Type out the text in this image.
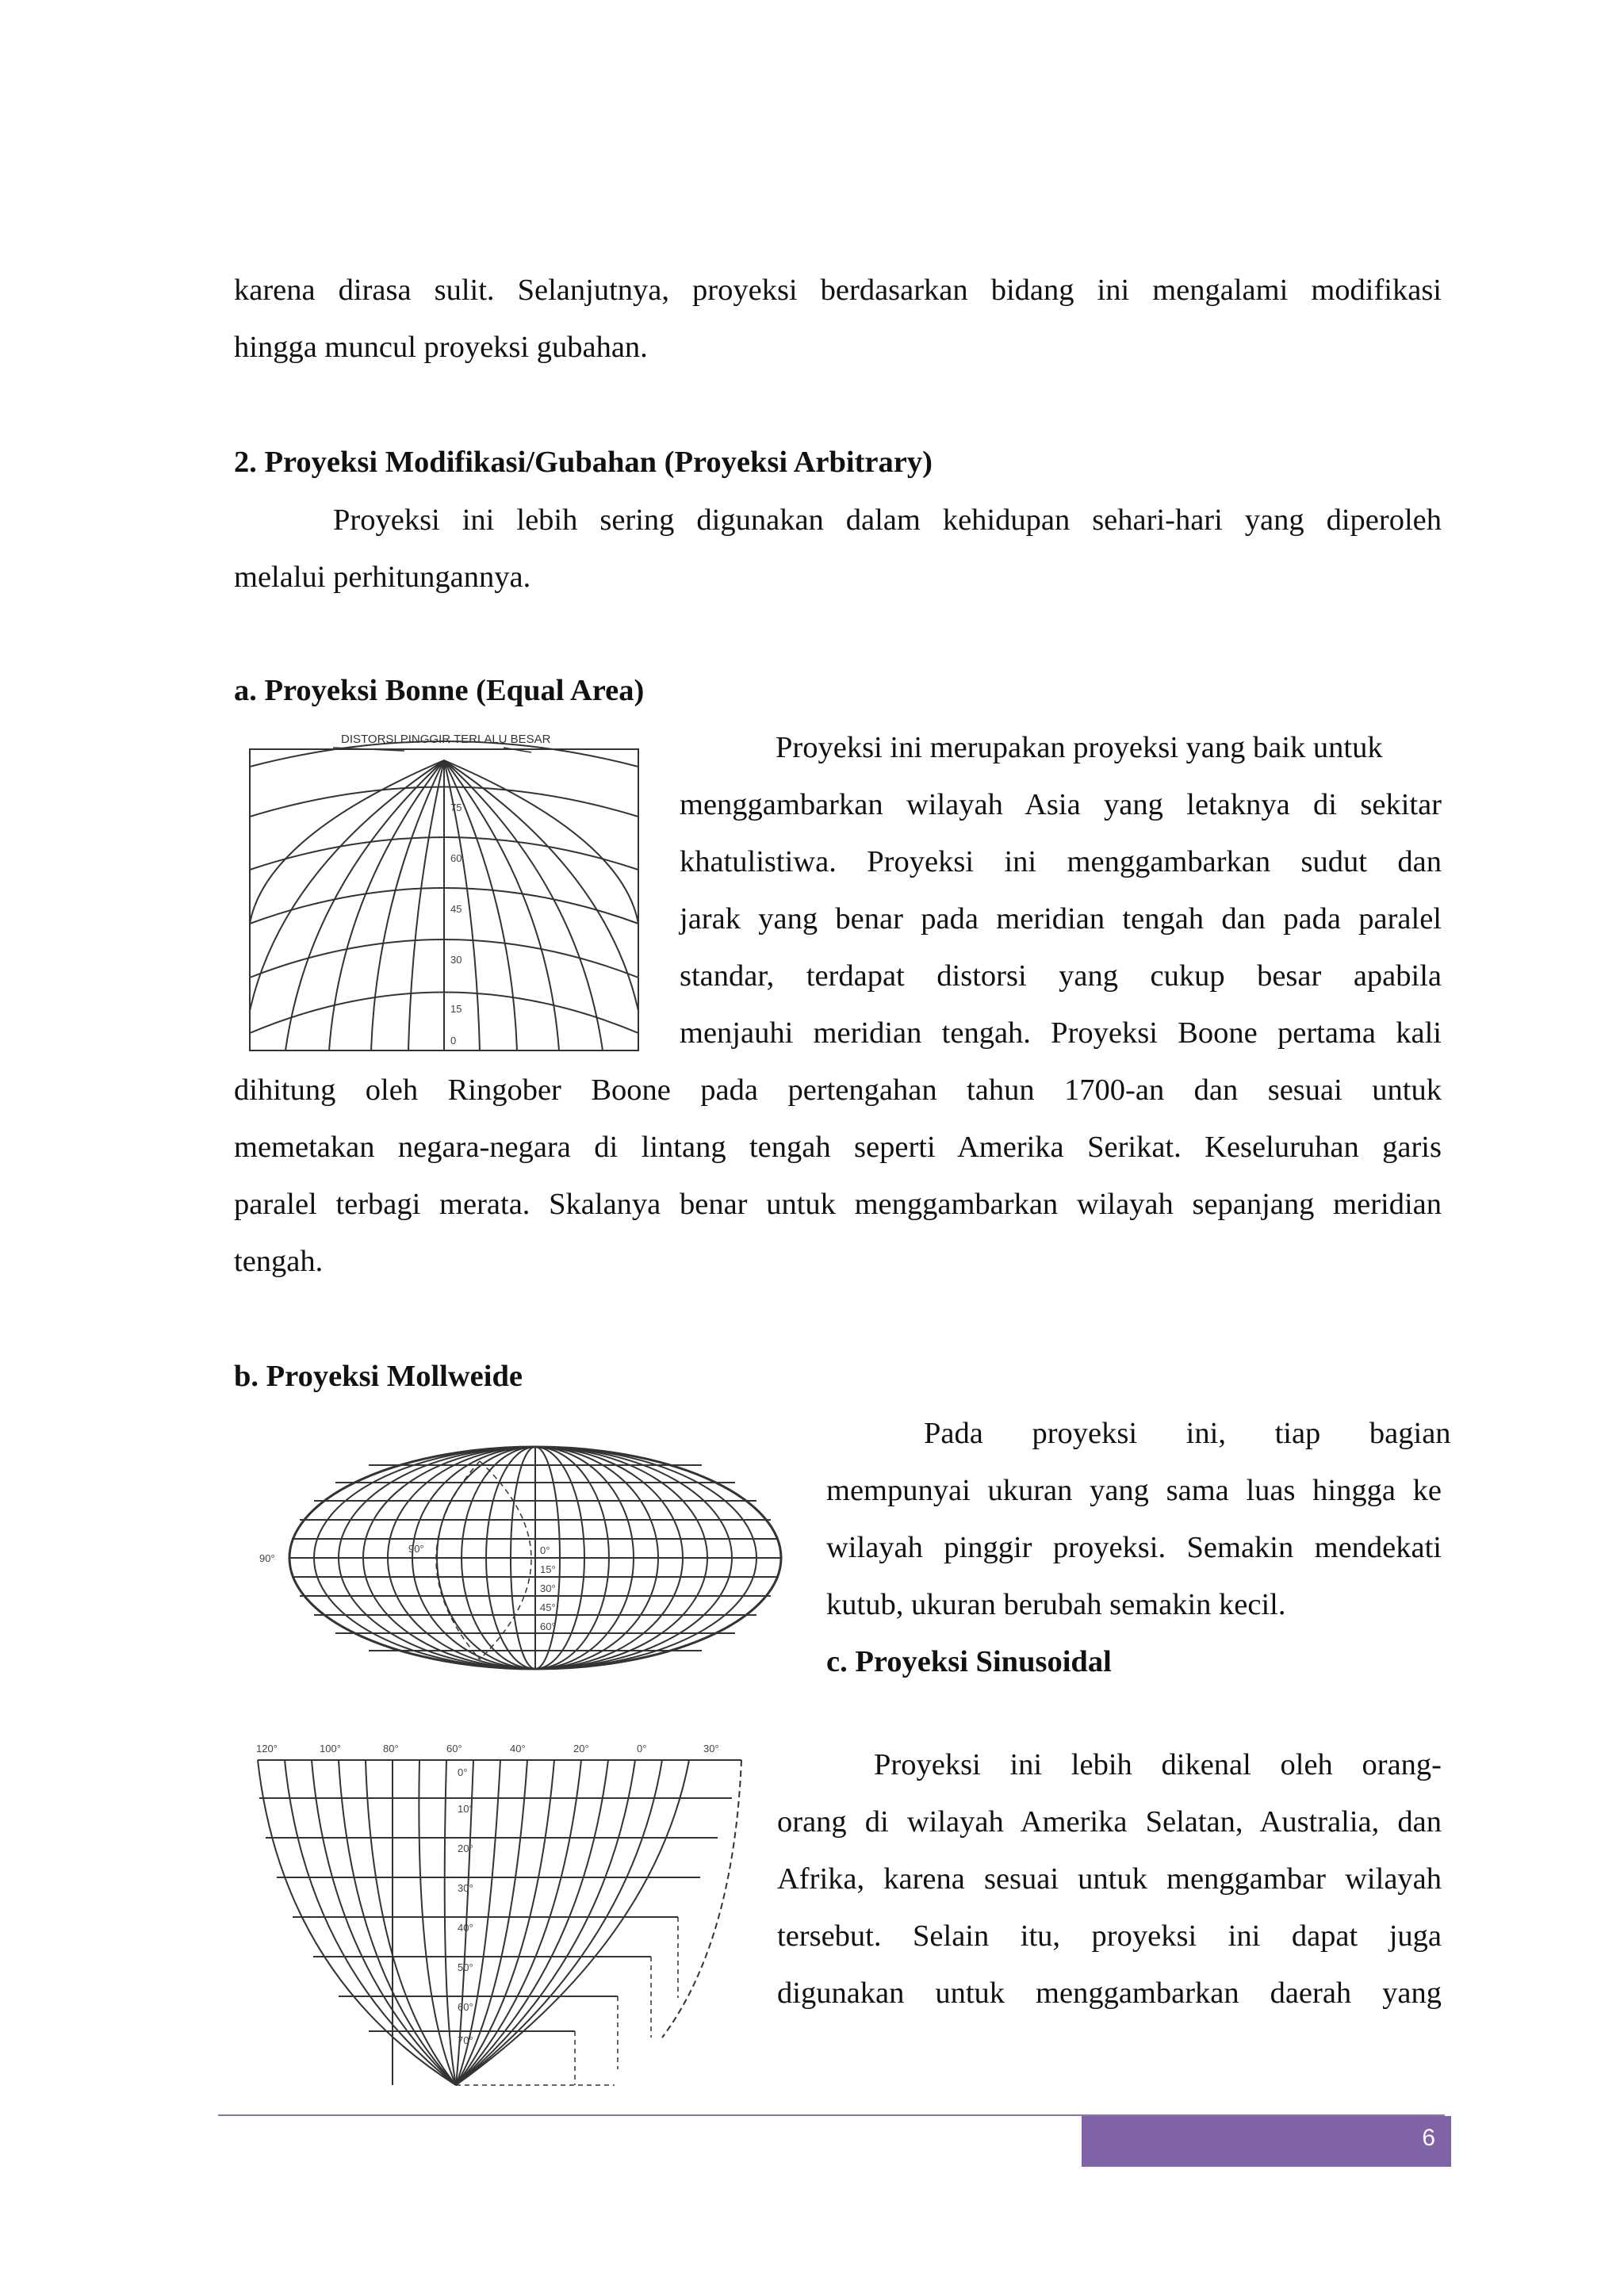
karena dirasa sulit. Selanjutnya, proyeksi berdasarkan bidang ini mengalami modifikasi

hingga muncul proyeksi gubahan.

2. Proyeksi Modifikasi/Gubahan (Proyeksi Arbitrary)

Proyeksi ini lebih sering digunakan dalam kehidupan sehari-hari yang diperoleh

melalui perhitungannya.

a. Proyeksi Bonne (Equal Area)
DISTORSI PINGGIR TERLALU BESAR
75
60
45
30
15
0

Proyeksi ini merupakan proyeksi yang baik untuk

menggambarkan wilayah Asia yang letaknya di sekitar

khatulistiwa. Proyeksi ini menggambarkan sudut dan

jarak yang benar pada meridian tengah dan pada paralel

standar, terdapat distorsi yang cukup besar apabila

menjauhi meridian tengah. Proyeksi Boone pertama kali

dihitung oleh Ringober Boone pada pertengahan tahun 1700-an dan sesuai untuk

memetakan negara-negara di lintang tengah seperti Amerika Serikat. Keseluruhan garis

paralel terbagi merata. Skalanya benar untuk menggambarkan wilayah sepanjang meridian

tengah.

b. Proyeksi Mollweide
90°
90°	0°
15°
30°
45°
60°

Pada proyeksi ini, tiap bagian

mempunyai ukuran yang sama luas hingga ke

wilayah pinggir proyeksi. Semakin mendekati

kutub, ukuran berubah semakin kecil.

c. Proyeksi Sinusoidal
120°	100°	80°	60°	40°	20°	0°	30°
0°
10°
20°
30°
40°
50°
60°
70°

Proyeksi ini lebih dikenal oleh orang-

orang di wilayah Amerika Selatan, Australia, dan

Afrika, karena sesuai untuk menggambar wilayah

tersebut. Selain itu, proyeksi ini dapat juga

digunakan untuk menggambarkan daerah yang

6
